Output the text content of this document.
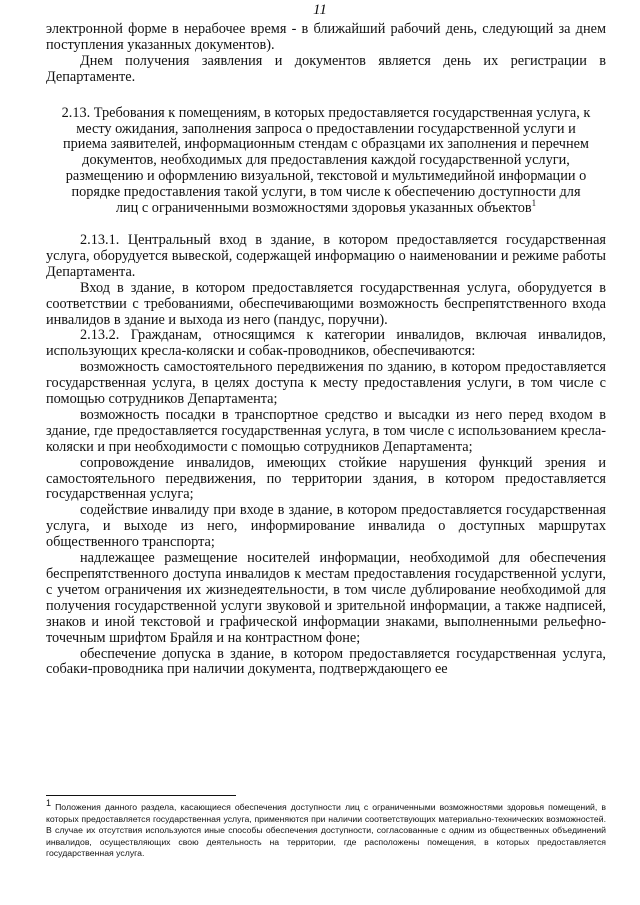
11

электронной форме в нерабочее время - в ближайший рабочий день, следующий за днем поступления указанных документов).

Днем получения заявления и документов является день их регистрации в Департаменте.

2.13. Требования к помещениям, в которых предоставляется государственная услуга, к месту ожидания, заполнения запроса о предоставлении государственной услуги и приема заявителей, информационным стендам с образцами их заполнения и перечнем документов, необходимых для предоставления каждой государственной услуги, размещению и оформлению визуальной, текстовой и мультимедийной информации о порядке предоставления такой услуги, в том числе к обеспечению доступности для лиц с ограниченными возможностями здоровья указанных объектов$^1$

2.13.1. Центральный вход в здание, в котором предоставляется государственная услуга, оборудуется вывеской, содержащей информацию о наименовании и режиме работы Департамента.

Вход в здание, в котором предоставляется государственная услуга, оборудуется в соответствии с требованиями, обеспечивающими возможность беспрепятственного входа инвалидов в здание и выхода из него (пандус, поручни).

2.13.2. Гражданам, относящимся к категории инвалидов, включая инвалидов, использующих кресла-коляски и собак-проводников, обеспечиваются:

возможность самостоятельного передвижения по зданию, в котором предоставляется государственная услуга, в целях доступа к месту предоставления услуги, в том числе с помощью сотрудников Департамента;

возможность посадки в транспортное средство и высадки из него перед входом в здание, где предоставляется государственная услуга, в том числе с использованием кресла-коляски и при необходимости с помощью сотрудников Департамента;

сопровождение инвалидов, имеющих стойкие нарушения функций зрения и самостоятельного передвижения, по территории здания, в котором предоставляется государственная услуга;

содействие инвалиду при входе в здание, в котором предоставляется государственная услуга, и выходе из него, информирование инвалида о доступных маршрутах общественного транспорта;

надлежащее размещение носителей информации, необходимой для обеспечения беспрепятственного доступа инвалидов к местам предоставления государственной услуги, с учетом ограничения их жизнедеятельности, в том числе дублирование необходимой для получения государственной услуги звуковой и зрительной информации, а также надписей, знаков и иной текстовой и графической информации знаками, выполненными рельефно-точечным шрифтом Брайля и на контрастном фоне;

обеспечение допуска в здание, в котором предоставляется государственная услуга, собаки-проводника при наличии документа, подтверждающего ее

$^1$ Положения данного раздела, касающиеся обеспечения доступности лиц с ограниченными возможностями здоровья помещений, в которых предоставляется государственная услуга, применяются при наличии соответствующих материально-технических возможностей. В случае их отсутствия используются иные способы обеспечения доступности, согласованные с одним из общественных объединений инвалидов, осуществляющих свою деятельность на территории, где расположены помещения, в которых предоставляется государственная услуга.
